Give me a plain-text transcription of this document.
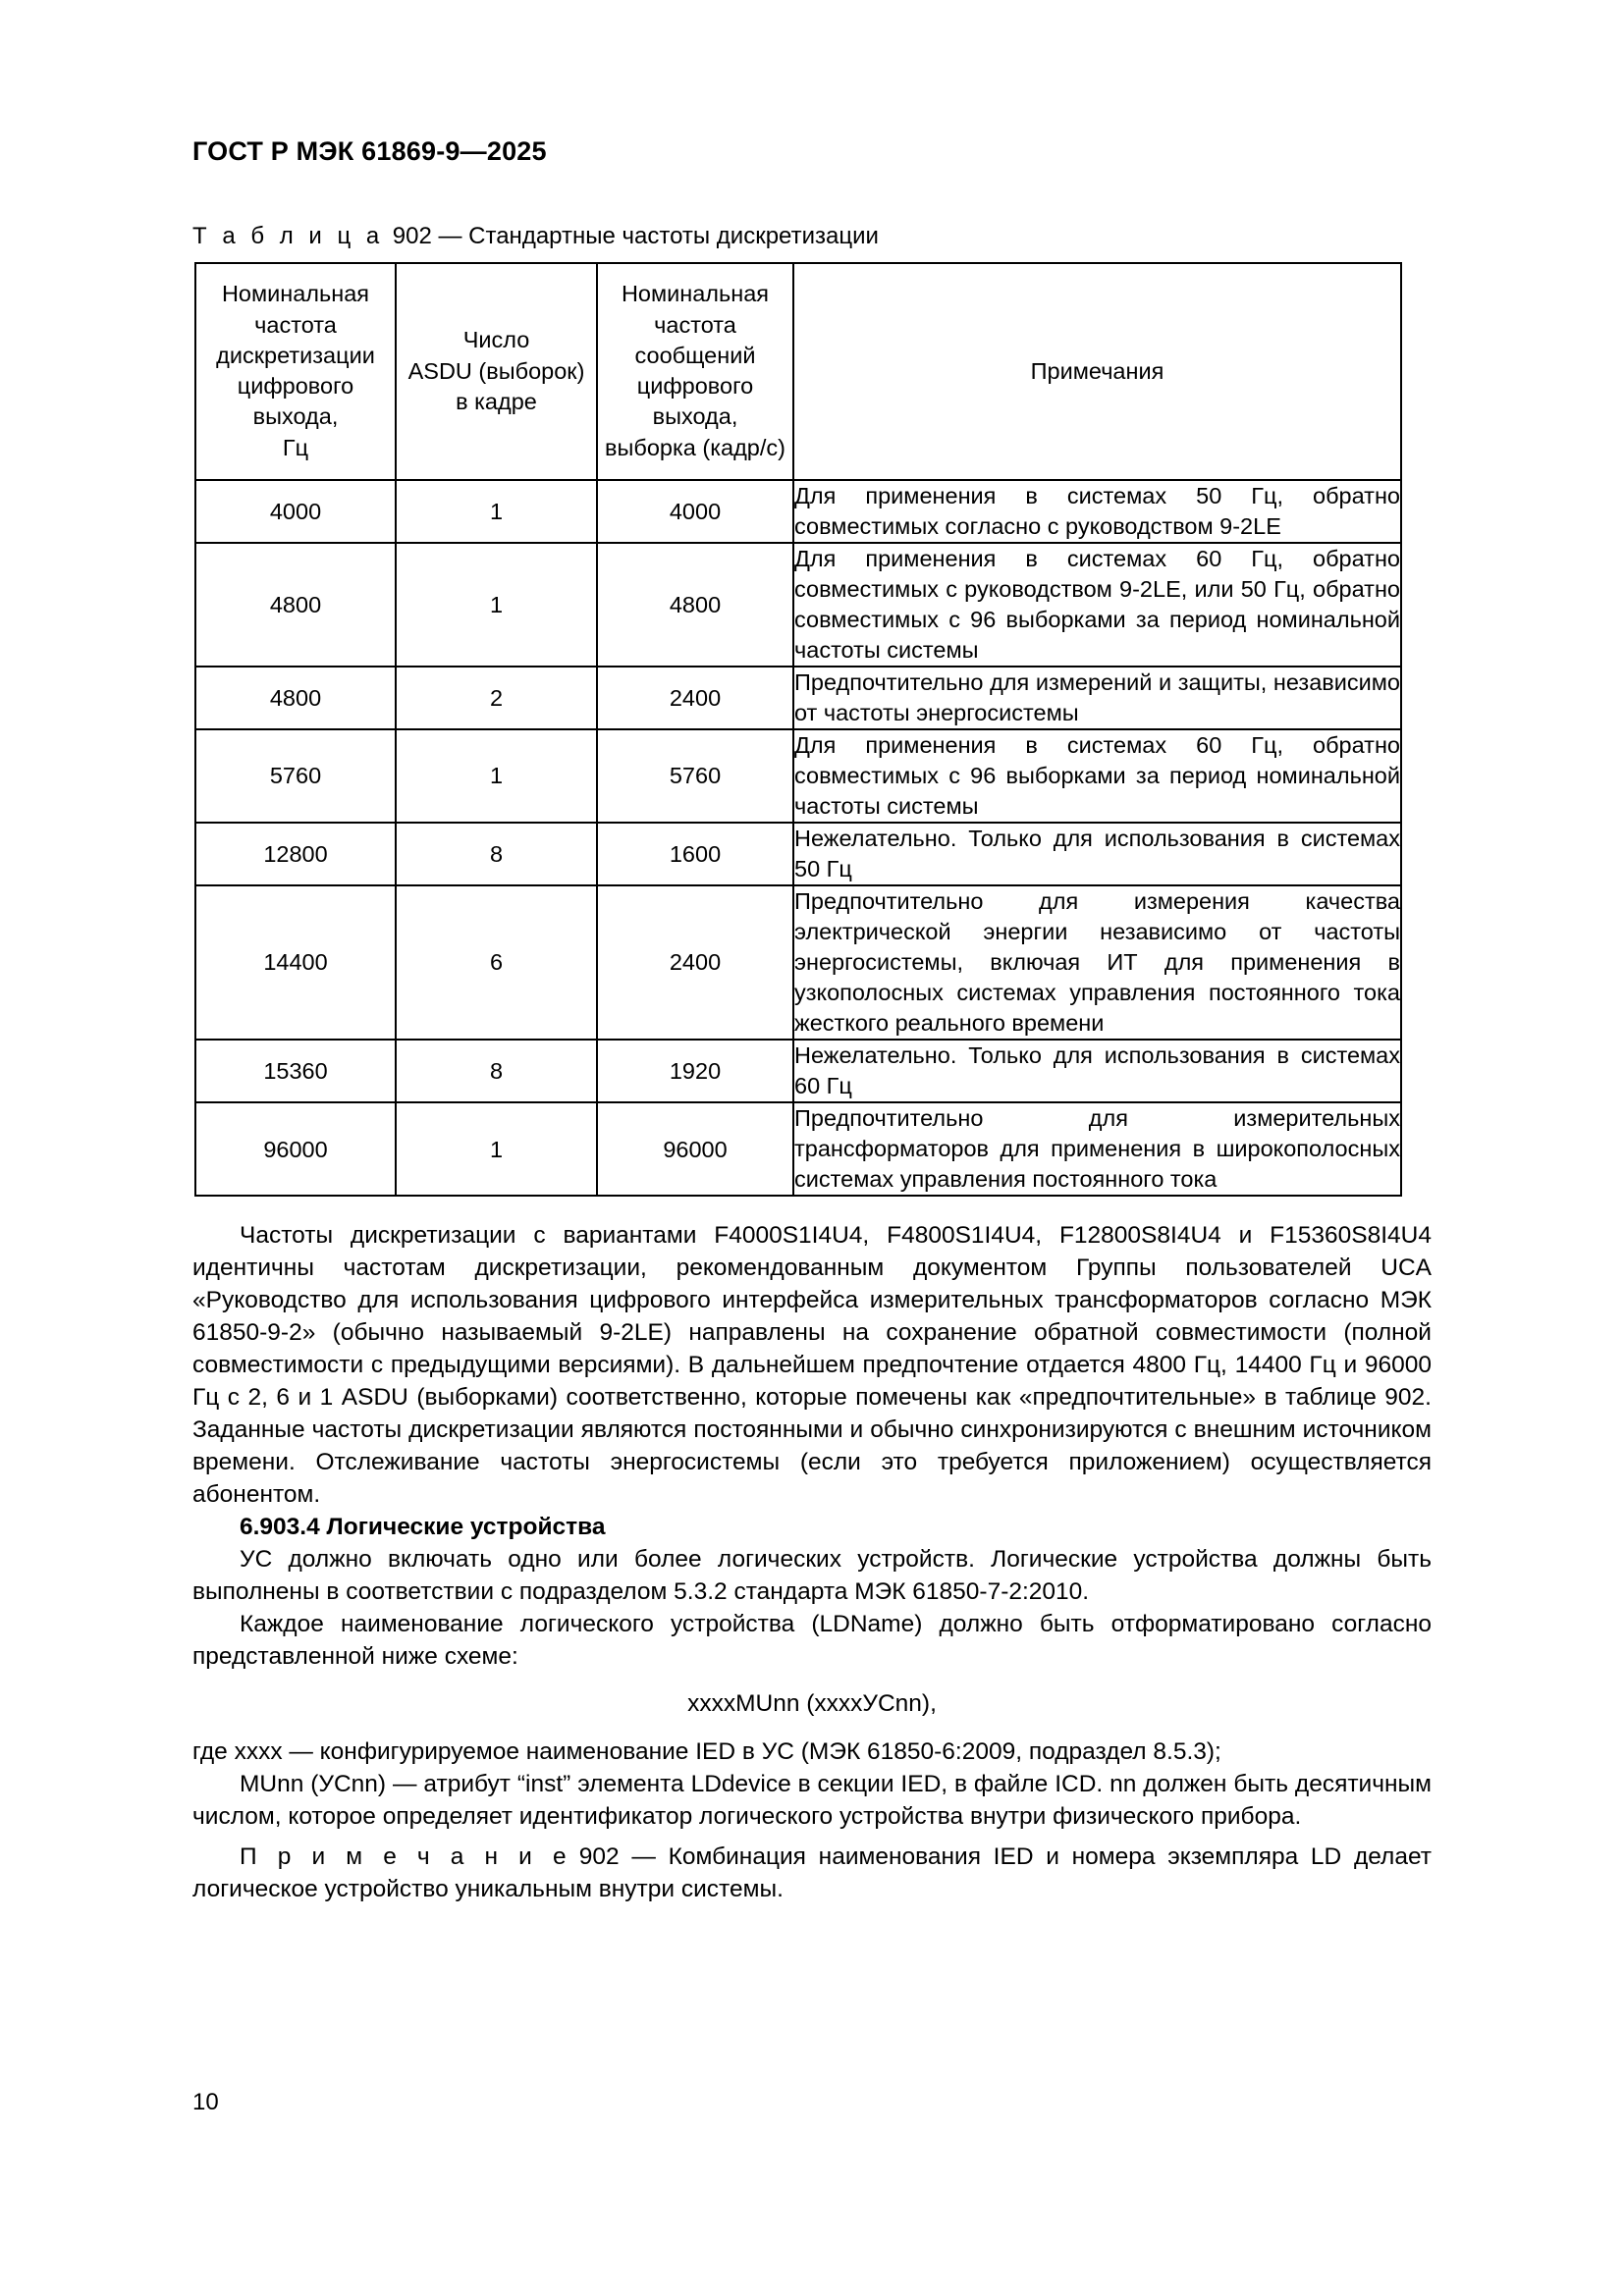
ГОСТ Р МЭК 61869-9—2025
Т а б л и ц а 902 — Стандартные частоты дискретизации
Номинальная
частота
дискретизации
цифрового выхода,
Гц	Число
ASDU (выборок)
в кадре	Номинальная
частота сообщений
цифрового выхода,
выборка (кадр/с)	Примечания
4000	1	4000	Для применения в системах 50 Гц, обратно совместимых согласно с руководством 9-2LE
4800	1	4800	Для применения в системах 60 Гц, обратно совместимых с руководством 9-2LE, или 50 Гц, обратно совместимых с 96 выборками за период номинальной частоты системы
4800	2	2400	Предпочтительно для измерений и защиты, независимо от частоты энергосистемы
5760	1	5760	Для применения в системах 60 Гц, обратно совместимых с 96 выборками за период номинальной частоты системы
12800	8	1600	Нежелательно. Только для использования в системах 50 Гц
14400	6	2400	Предпочтительно для измерения качества электрической энергии независимо от частоты энергосистемы, включая ИТ для применения в узкополосных системах управления постоянного тока жесткого реального времени
15360	8	1920	Нежелательно. Только для использования в системах 60 Гц
96000	1	96000	Предпочтительно для измерительных трансформаторов для применения в широкополосных системах управления постоянного тока

Частоты дискретизации с вариантами F4000S1I4U4, F4800S1I4U4, F12800S8I4U4 и F15360S8I4U4 идентичны частотам дискретизации, рекомендованным документом Группы пользователей UCA «Руководство для использования цифрового интерфейса измерительных трансформаторов согласно МЭК 61850-9-2» (обычно называемый 9-2LE) направлены на сохранение обратной совместимости (полной совместимости с предыдущими версиями). В дальнейшем предпочтение отдается 4800 Гц, 14400 Гц и 96000 Гц с 2, 6 и 1 ASDU (выборками) соответственно, которые помечены как «предпочтительные» в таблице 902. Заданные частоты дискретизации являются постоянными и обычно синхронизируются с внешним источником времени. Отслеживание частоты энергосистемы (если это требуется приложением) осуществляется абонентом.

6.903.4 Логические устройства

УС должно включать одно или более логических устройств. Логические устройства должны быть выполнены в соответствии с подразделом 5.3.2 стандарта МЭК 61850-7-2:2010.

Каждое наименование логического устройства (LDName) должно быть отформатировано согласно представленной ниже схеме:

xxxxMUnn (xxxxУСnn),

где хххх — конфигурируемое наименование IED в УС (МЭК 61850-6:2009, подраздел 8.5.3);

MUnn (УСnn) — атрибут “inst” элемента LDdevice в секции IED, в файле ICD. nn должен быть десятичным числом, которое определяет идентификатор логического устройства внутри физического прибора.

П р и м е ч а н и е 902 — Комбинация наименования IED и номера экземпляра LD делает логическое устройство уникальным внутри системы.

10
